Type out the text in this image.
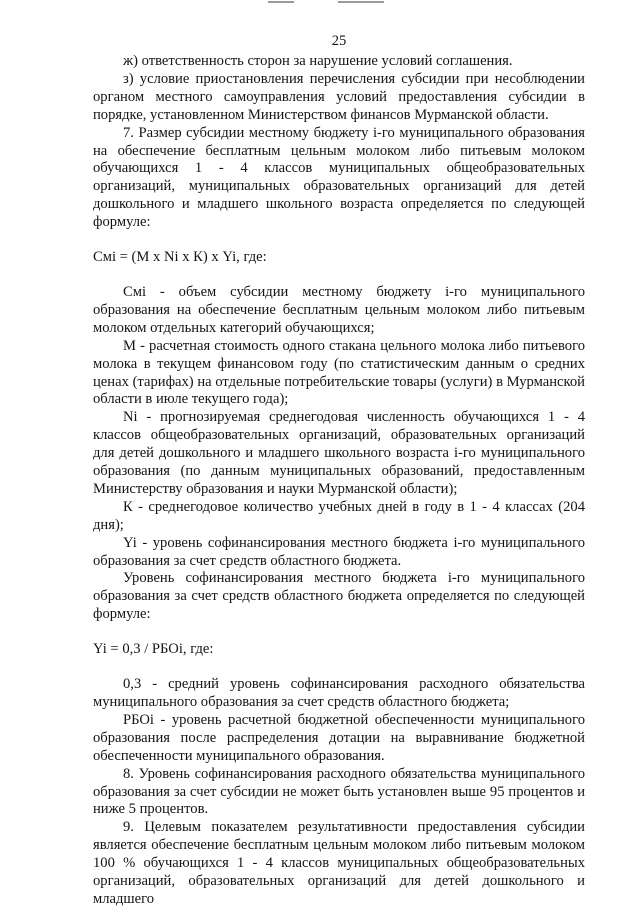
25

ж) ответственность сторон за нарушение условий соглашения.

з) условие приостановления перечисления субсидии при несоблюдении органом местного самоуправления условий предоставления субсидии в порядке, установленном Министерством финансов Мурманской области.

7. Размер субсидии местному бюджету i-го муниципального образования на обеспечение бесплатным цельным молоком либо питьевым молоком обучающихся 1 - 4 классов муниципальных общеобразовательных организаций, муниципальных образовательных организаций для детей дошкольного и младшего школьного возраста определяется по следующей формуле:

Смi = (М х Ni х К) х Yi, где:

Смi - объем субсидии местному бюджету i-го муниципального образования на обеспечение бесплатным цельным молоком либо питьевым молоком отдельных категорий обучающихся;

М - расчетная стоимость одного стакана цельного молока либо питьевого молока в текущем финансовом году (по статистическим данным о средних ценах (тарифах) на отдельные потребительские товары (услуги) в Мурманской области в июле текущего года);

Ni - прогнозируемая среднегодовая численность обучающихся 1 - 4 классов общеобразовательных организаций, образовательных организаций для детей дошкольного и младшего школьного возраста i-го муниципального образования (по данным муниципальных образований, предоставленным Министерству образования и науки Мурманской области);

К - среднегодовое количество учебных дней в году в 1 - 4 классах (204 дня);

Yi - уровень софинансирования местного бюджета i-го муниципального образования за счет средств областного бюджета.

Уровень софинансирования местного бюджета i-го муниципального образования за счет средств областного бюджета определяется по следующей формуле:

Yi = 0,3 / РБОi, где:

0,3 - средний уровень софинансирования расходного обязательства муниципального образования за счет средств областного бюджета;

РБОi - уровень расчетной бюджетной обеспеченности муниципального образования после распределения дотации на выравнивание бюджетной обеспеченности муниципального образования.

8. Уровень софинансирования расходного обязательства муниципального образования за счет субсидии не может быть установлен выше 95 процентов и ниже 5 процентов.

9. Целевым показателем результативности предоставления субсидии является обеспечение бесплатным цельным молоком либо питьевым молоком 100 % обучающихся 1 - 4 классов муниципальных общеобразовательных организаций, образовательных организаций для детей дошкольного и младшего
